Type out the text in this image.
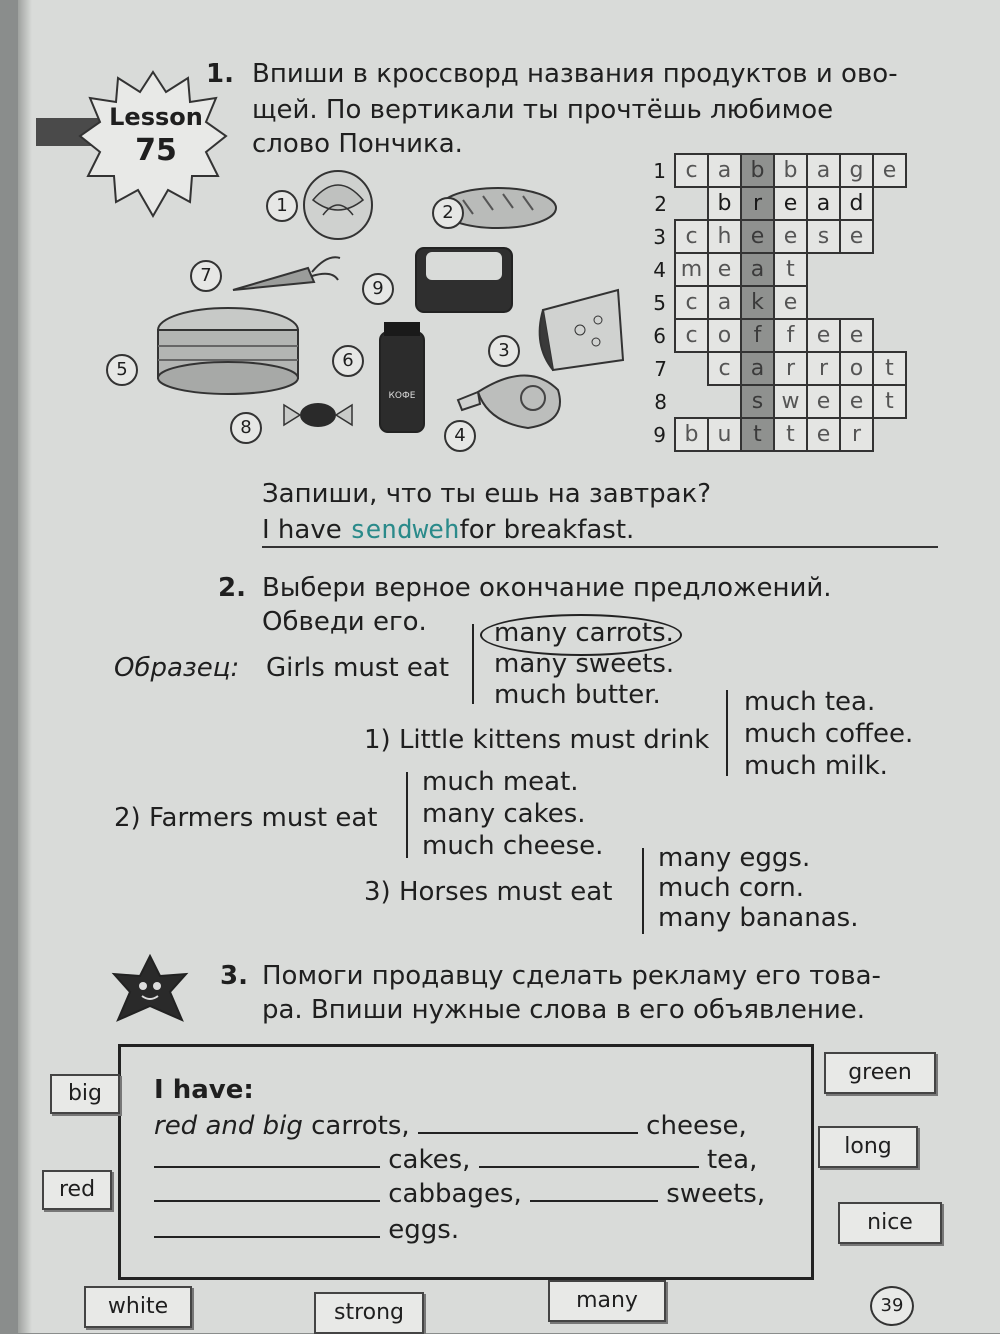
Lesson
75
1. Впиши в кроссворд названия продуктов и ово-
щей. По вертикали ты прочтёшь любимое
слово Пончика.
КОФЕ
1	2
7
9
5	6	3
8	4
1	c	a	b	b	a	g	e
2		b	r	e	a	d	
3	c	h	e	e	s	e	
4	m	e	a	t			
5	c	a	k	e			
6	c	o	f	f	e	e	
7		c	a	r	r	o	t
8			s	w	e	e	t
9	b	u	t	t	e	r	
Запиши, что ты ешь на завтрак?
I have sendwehfor breakfast.
2. Выбери верное окончание предложений.
Обведи его.
Образец: Girls must eat
many carrots.
many sweets.
much butter.
1) Little kittens must drink
much tea.
much coffee.
much milk.
2) Farmers must eat
much meat.
many cakes.
much cheese.
3) Horses must eat
many eggs.
much corn.
many bananas.
3. Помоги продавцу сделать рекламу его това-
ра. Впиши нужные слова в его объявление.
I have:
red and big carrots,	cheese,
cakes,	tea,
cabbages,	sweets,
eggs.
big
red
white	strong	many
green
long
nice
39
